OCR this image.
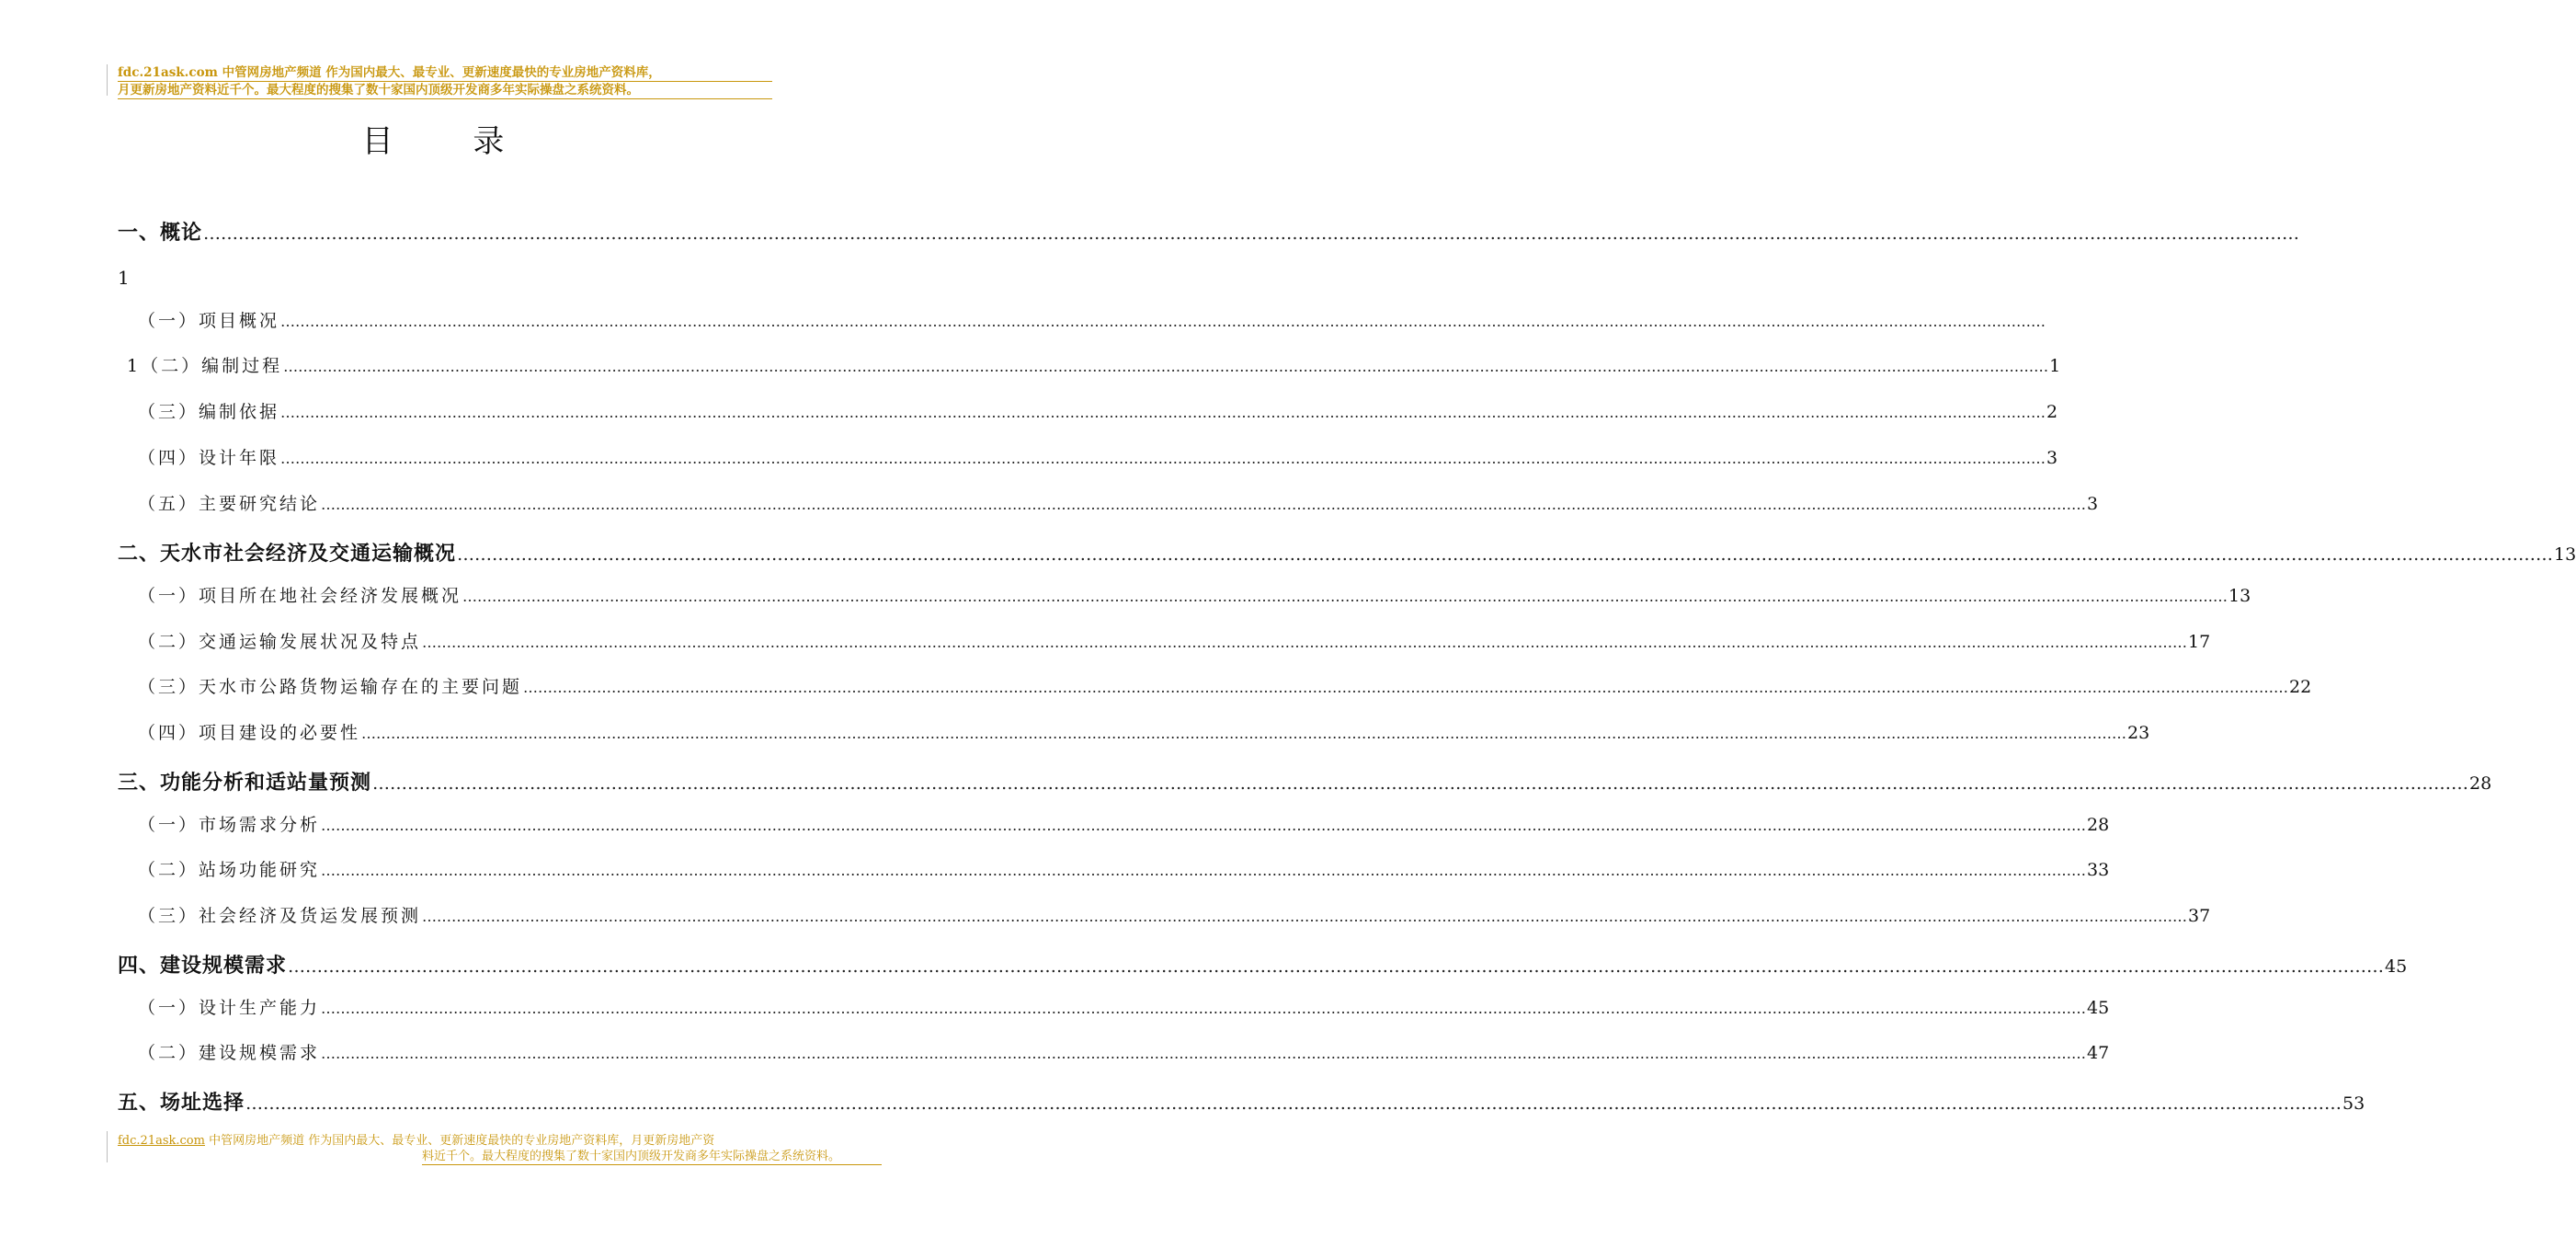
fdc.21ask.com 中管网房地产频道 作为国内最大、最专业、更新速度最快的专业房地产资料库，
月更新房地产资料近千个。最大程度的搜集了数十家国内顶级开发商多年实际操盘之系统资料。
目 录
一、概论 ………………………………………………………………………………………………………………………………………………………………………………………………………………………………………………………………………………………………………………………………
（一）项目概况 ………………………………………………………………………………………………………………………………………………………………………………………………………………………………………………………………………………………………………………………………
1（二）编制过程 ……………………………………………………………………………………………………………………………………………………………………………………………………………………………………………………………………………………………………………………………… 1
（三）编制依据 ……………………………………………………………………………………………………………………………………………………………………………………………………………………………………………………………………………………………………………………………… 2
（四）设计年限 ……………………………………………………………………………………………………………………………………………………………………………………………………………………………………………………………………………………………………………………………… 3
（五）主要研究结论 ……………………………………………………………………………………………………………………………………………………………………………………………………………………………………………………………………………………………………………………………… 3
二、天水市社会经济及交通运输概况 ……………………………………………………………………………………………………………………………………………………………………………………………………………………………………………………………………………………………………………………………… 13
（一）项目所在地社会经济发展概况 ……………………………………………………………………………………………………………………………………………………………………………………………………………………………………………………………………………………………………………………………… 13
（二）交通运输发展状况及特点 ……………………………………………………………………………………………………………………………………………………………………………………………………………………………………………………………………………………………………………………………… 17
（三）天水市公路货物运输存在的主要问题 ……………………………………………………………………………………………………………………………………………………………………………………………………………………………………………………………………………………………………………………………… 22
（四）项目建设的必要性 ……………………………………………………………………………………………………………………………………………………………………………………………………………………………………………………………………………………………………………………………… 23
三、功能分析和适站量预测 ……………………………………………………………………………………………………………………………………………………………………………………………………………………………………………………………………………………………………………………………… 28
（一）市场需求分析 ……………………………………………………………………………………………………………………………………………………………………………………………………………………………………………………………………………………………………………………………… 28
（二）站场功能研究 ……………………………………………………………………………………………………………………………………………………………………………………………………………………………………………………………………………………………………………………………… 33
（三）社会经济及货运发展预测 ……………………………………………………………………………………………………………………………………………………………………………………………………………………………………………………………………………………………………………………………… 37
四、建设规模需求 ……………………………………………………………………………………………………………………………………………………………………………………………………………………………………………………………………………………………………………………………… 45
（一）设计生产能力 ……………………………………………………………………………………………………………………………………………………………………………………………………………………………………………………………………………………………………………………………… 45
（二）建设规模需求 ……………………………………………………………………………………………………………………………………………………………………………………………………………………………………………………………………………………………………………………………… 47
五、场址选择 ……………………………………………………………………………………………………………………………………………………………………………………………………………………………………………………………………………………………………………………………… 53
1
fdc.21ask.com 中管网房地产频道 作为国内最大、最专业、更新速度最快的专业房地产资料库，月更新房地产资
料近千个。最大程度的搜集了数十家国内顶级开发商多年实际操盘之系统资料。
